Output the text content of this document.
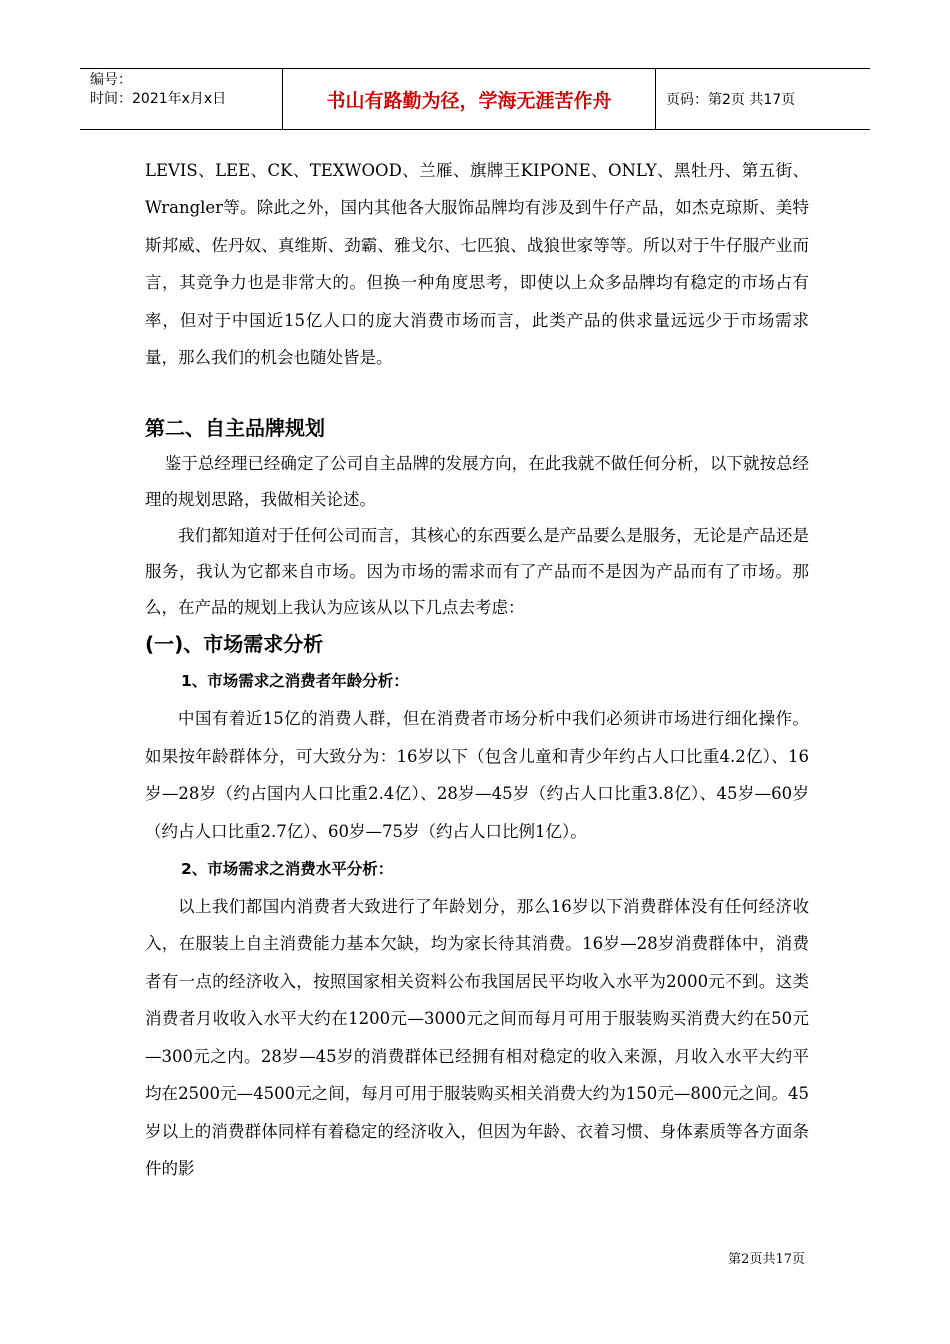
编号：
时间：2021年x月x日	书山有路勤为径，学海无涯苦作舟	页码：第2页 共17页

LEVIS、LEE、CK、TEXWOOD、兰雁、旗牌王KIPONE、ONLY、黑牡丹、第五街、Wrangler等。除此之外，国内其他各大服饰品牌均有涉及到牛仔产品，如杰克琼斯、美特斯邦威、佐丹奴、真维斯、劲霸、雅戈尔、七匹狼、战狼世家等等。所以对于牛仔服产业而言，其竞争力也是非常大的。但换一种角度思考，即使以上众多品牌均有稳定的市场占有率，但对于中国近15亿人口的庞大消费市场而言，此类产品的供求量远远少于市场需求量，那么我们的机会也随处皆是。

第二、自主品牌规划

鉴于总经理已经确定了公司自主品牌的发展方向，在此我就不做任何分析，以下就按总经理的规划思路，我做相关论述。

我们都知道对于任何公司而言，其核心的东西要么是产品要么是服务，无论是产品还是服务，我认为它都来自市场。因为市场的需求而有了产品而不是因为产品而有了市场。那么，在产品的规划上我认为应该从以下几点去考虑：

(一)、市场需求分析
1、市场需求之消费者年龄分析：

中国有着近15亿的消费人群，但在消费者市场分析中我们必须讲市场进行细化操作。如果按年龄群体分，可大致分为：16岁以下（包含儿童和青少年约占人口比重4.2亿）、16岁—28岁（约占国内人口比重2.4亿）、28岁—45岁（约占人口比重3.8亿）、45岁—60岁（约占人口比重2.7亿）、60岁—75岁（约占人口比例1亿）。

2、市场需求之消费水平分析：

以上我们都国内消费者大致进行了年龄划分，那么16岁以下消费群体没有任何经济收入，在服装上自主消费能力基本欠缺，均为家长待其消费。16岁—28岁消费群体中，消费者有一点的经济收入，按照国家相关资料公布我国居民平均收入水平为2000元不到。这类消费者月收收入水平大约在1200元—3000元之间而每月可用于服装购买消费大约在50元—300元之内。28岁—45岁的消费群体已经拥有相对稳定的收入来源，月收入水平大约平均在2500元—4500元之间，每月可用于服装购买相关消费大约为150元—800元之间。45岁以上的消费群体同样有着稳定的经济收入，但因为年龄、衣着习惯、身体素质等各方面条件的影

第2页共17页
